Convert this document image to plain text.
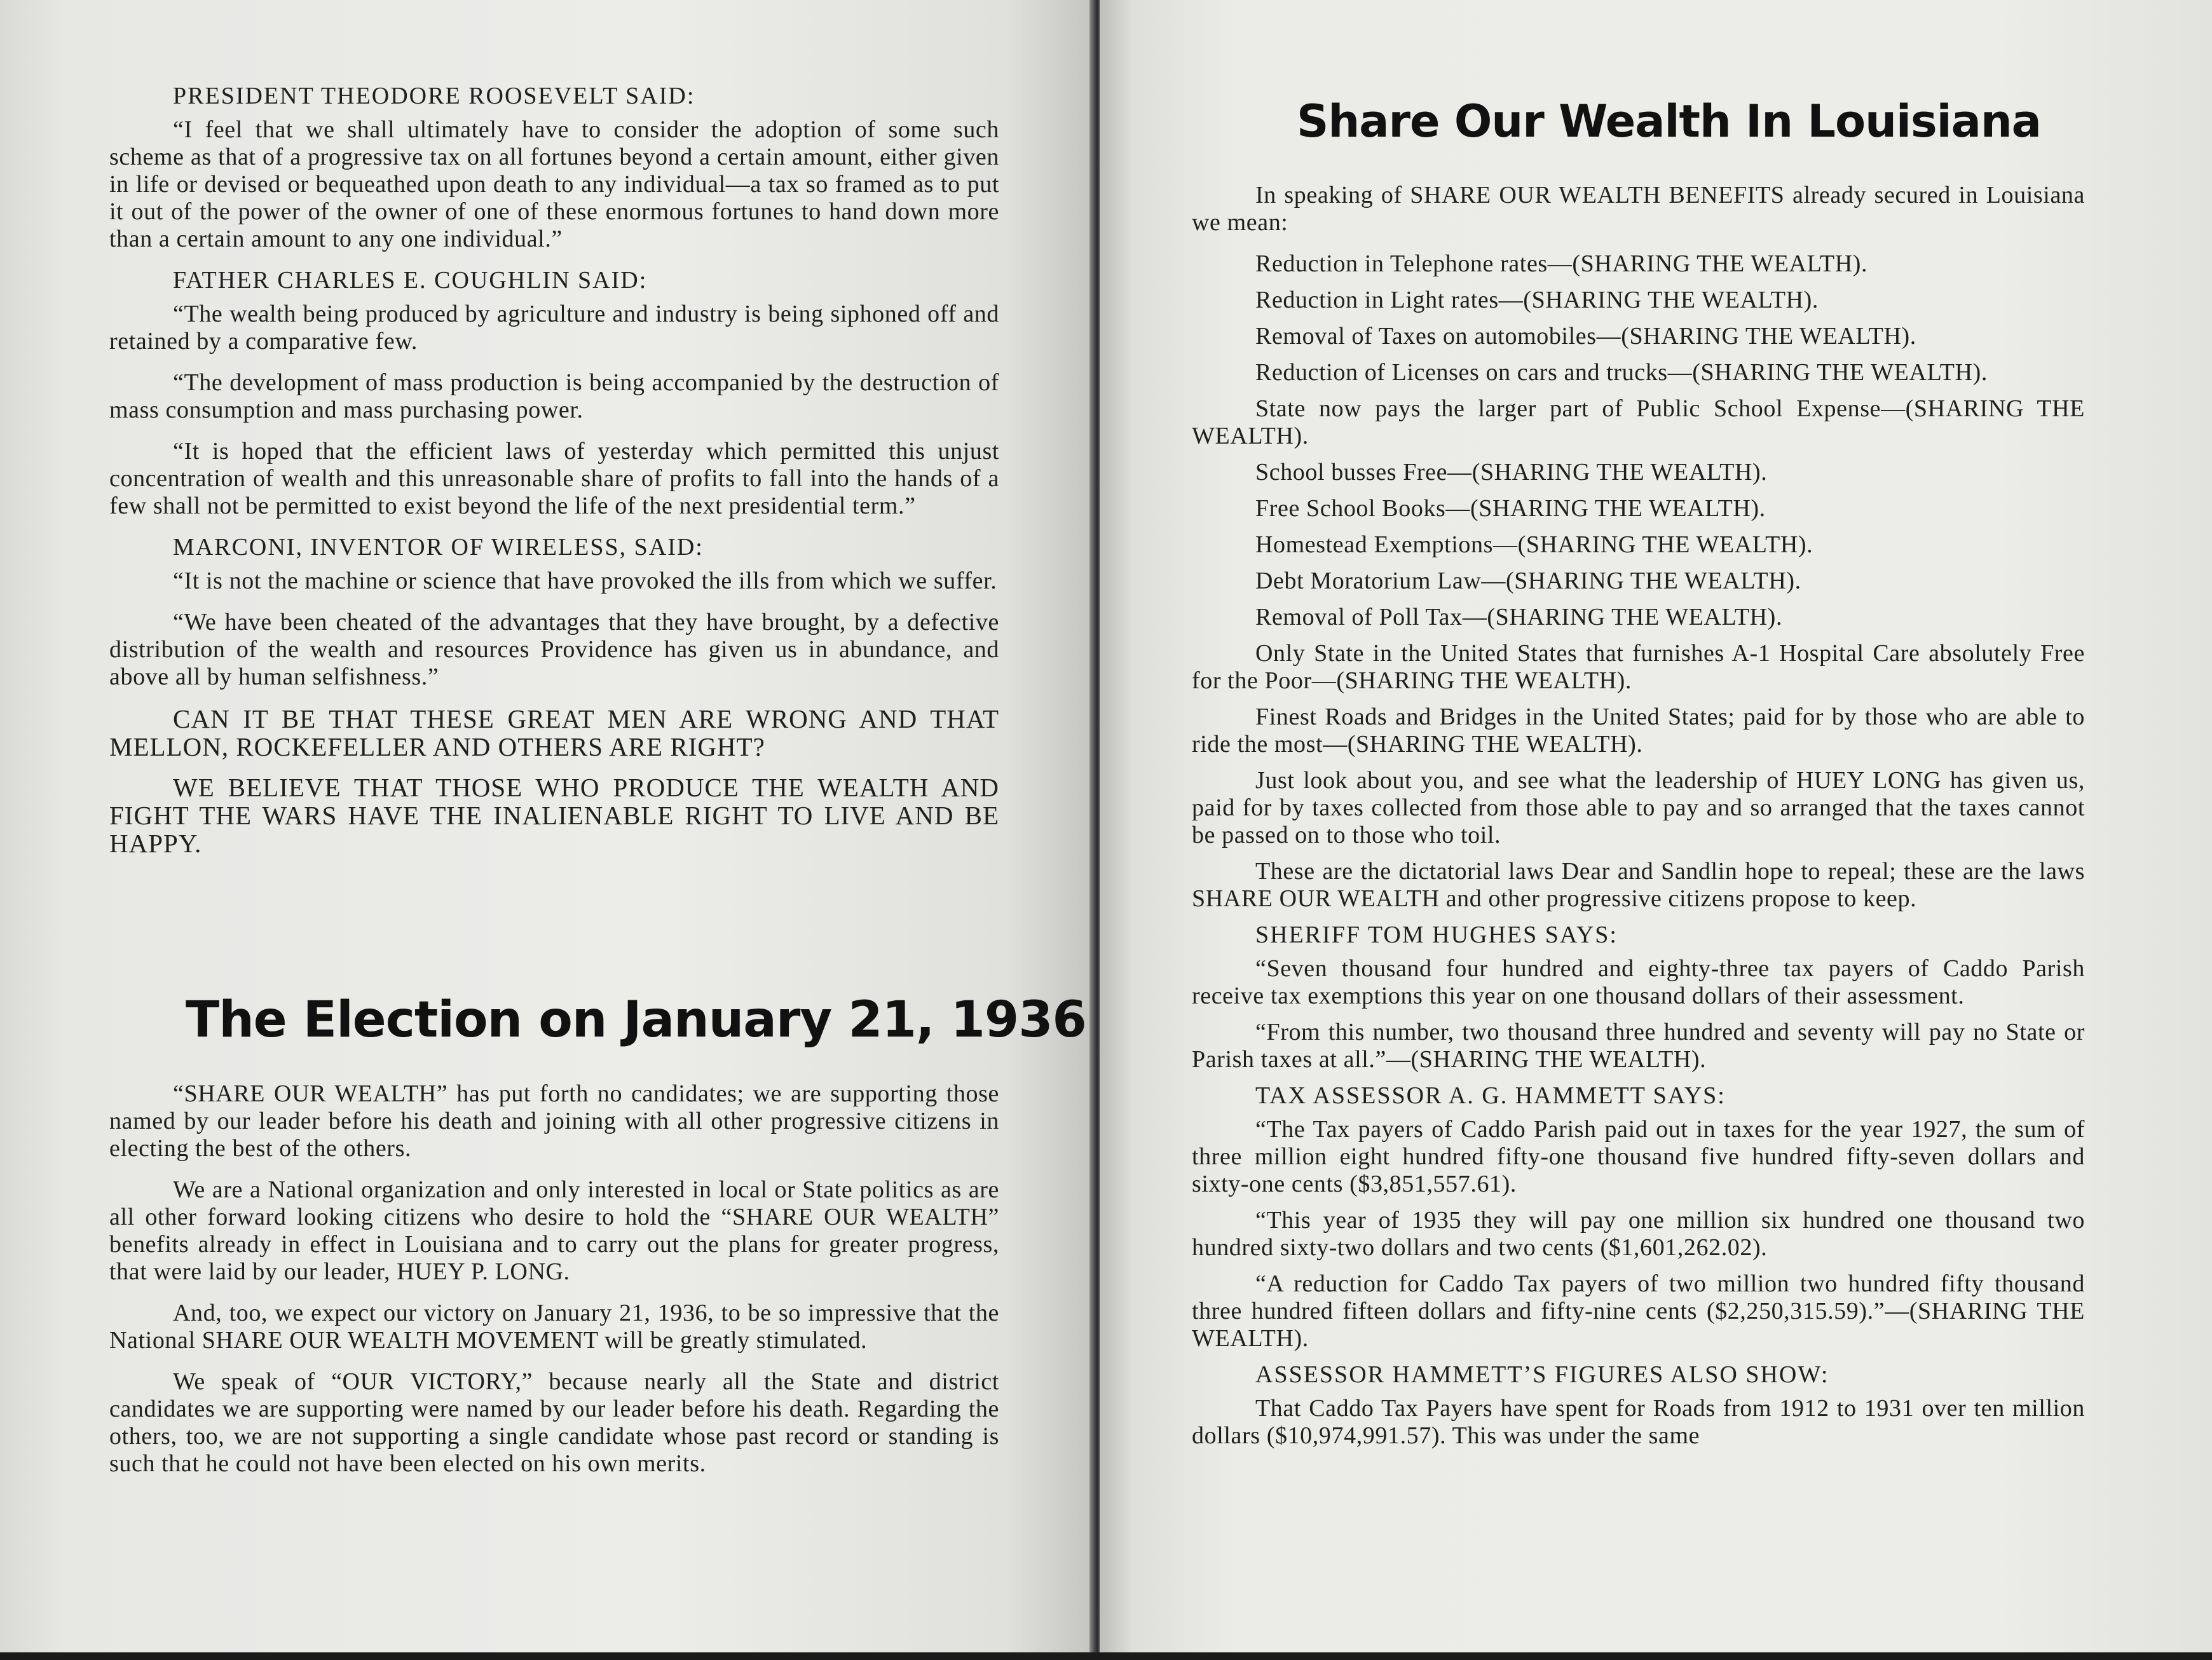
PRESIDENT THEODORE ROOSEVELT SAID:

“I feel that we shall ultimately have to consider the adoption of some such scheme as that of a progressive tax on all fortunes beyond a certain amount, either given in life or devised or bequeathed upon death to any individual—a tax so framed as to put it out of the power of the owner of one of these enormous fortunes to hand down more than a certain amount to any one individual.”

FATHER CHARLES E. COUGHLIN SAID:

“The wealth being produced by agriculture and industry is being siphoned off and retained by a comparative few.

“The development of mass production is being accompanied by the destruction of mass consumption and mass purchasing power.

“It is hoped that the efficient laws of yesterday which permitted this unjust concentration of wealth and this unreasonable share of profits to fall into the hands of a few shall not be permitted to exist beyond the life of the next presidential term.”

MARCONI, INVENTOR OF WIRELESS, SAID:

“It is not the machine or science that have provoked the ills from which we suffer.

“We have been cheated of the advantages that they have brought, by a defective distribution of the wealth and resources Providence has given us in abundance, and above all by human selfishness.”

CAN IT BE THAT THESE GREAT MEN ARE WRONG AND THAT MELLON, ROCKEFELLER AND OTHERS ARE RIGHT?

WE BELIEVE THAT THOSE WHO PRODUCE THE WEALTH AND FIGHT THE WARS HAVE THE INALIENABLE RIGHT TO LIVE AND BE HAPPY.

The Election on January 21, 1936

“SHARE OUR WEALTH” has put forth no candidates; we are supporting those named by our leader before his death and joining with all other progressive citizens in electing the best of the others.

We are a National organization and only interested in local or State politics as are all other forward looking citizens who desire to hold the “SHARE OUR WEALTH” benefits already in effect in Louisiana and to carry out the plans for greater progress, that were laid by our leader, HUEY P. LONG.

And, too, we expect our victory on January 21, 1936, to be so impressive that the National SHARE OUR WEALTH MOVEMENT will be greatly stimulated.

We speak of “OUR VICTORY,” because nearly all the State and district candidates we are supporting were named by our leader before his death. Regarding the others, too, we are not supporting a single candidate whose past record or standing is such that he could not have been elected on his own merits.

Share Our Wealth In Louisiana

In speaking of SHARE OUR WEALTH BENEFITS already secured in Louisiana we mean:

Reduction in Telephone rates—(SHARING THE WEALTH).

Reduction in Light rates—(SHARING THE WEALTH).

Removal of Taxes on automobiles—(SHARING THE WEALTH).

Reduction of Licenses on cars and trucks—(SHARING THE WEALTH).

State now pays the larger part of Public School Expense—(SHARING THE WEALTH).

School busses Free—(SHARING THE WEALTH).

Free School Books—(SHARING THE WEALTH).

Homestead Exemptions—(SHARING THE WEALTH).

Debt Moratorium Law—(SHARING THE WEALTH).

Removal of Poll Tax—(SHARING THE WEALTH).

Only State in the United States that furnishes A-1 Hospital Care absolutely Free for the Poor—(SHARING THE WEALTH).

Finest Roads and Bridges in the United States; paid for by those who are able to ride the most—(SHARING THE WEALTH).

Just look about you, and see what the leadership of HUEY LONG has given us, paid for by taxes collected from those able to pay and so arranged that the taxes cannot be passed on to those who toil.

These are the dictatorial laws Dear and Sandlin hope to repeal; these are the laws SHARE OUR WEALTH and other progressive citizens propose to keep.

SHERIFF TOM HUGHES SAYS:

“Seven thousand four hundred and eighty-three tax payers of Caddo Parish receive tax exemptions this year on one thousand dollars of their assessment.

“From this number, two thousand three hundred and seventy will pay no State or Parish taxes at all.”—(SHARING THE WEALTH).

TAX ASSESSOR A. G. HAMMETT SAYS:

“The Tax payers of Caddo Parish paid out in taxes for the year 1927, the sum of three million eight hundred fifty-one thousand five hundred fifty-seven dollars and sixty-one cents ($3,851,557.61).

“This year of 1935 they will pay one million six hundred one thousand two hundred sixty-two dollars and two cents ($1,601,262.02).

“A reduction for Caddo Tax payers of two million two hundred fifty thousand three hundred fifteen dollars and fifty-nine cents ($2,250,315.59).”—(SHARING THE WEALTH).

ASSESSOR HAMMETT’S FIGURES ALSO SHOW:

That Caddo Tax Payers have spent for Roads from 1912 to 1931 over ten million dollars ($10,974,991.57). This was under the same
